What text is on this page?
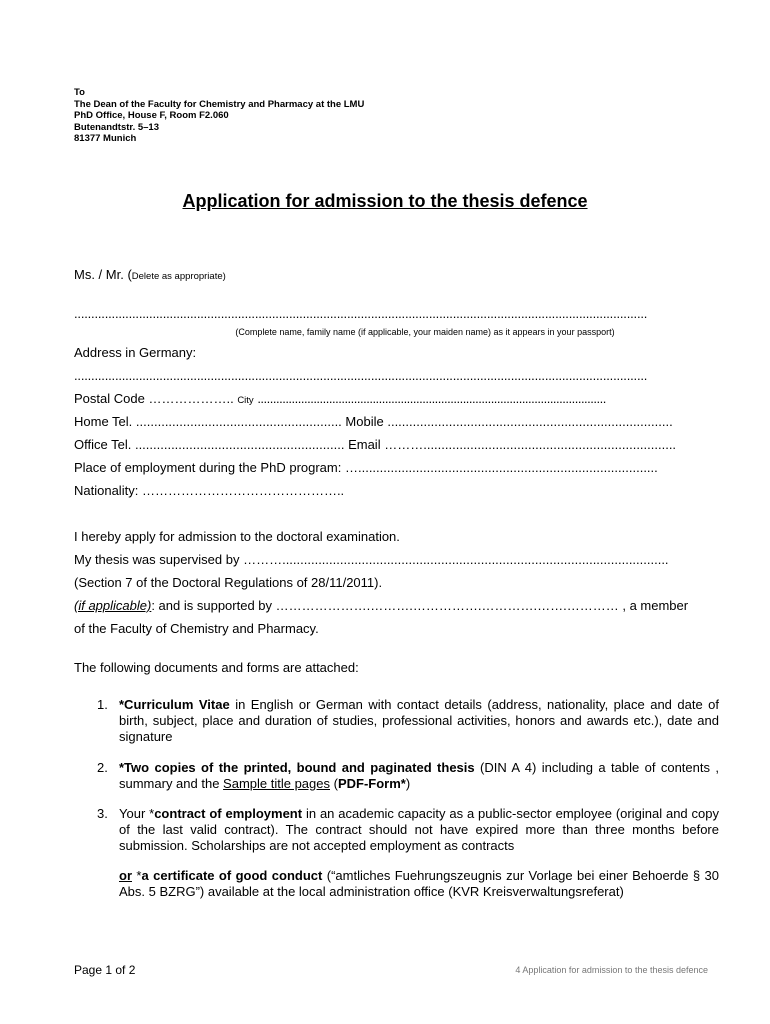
To
The Dean of the Faculty for Chemistry and Pharmacy at the LMU
PhD Office, House F, Room F2.060
Butenandtstr. 5–13
81377 Munich
Application for admission to the thesis defence
Ms. / Mr. (Delete as appropriate)
........................................................................................................................................................................
(Complete name, family name (if applicable, your maiden name) as it appears in your passport)
Address in Germany:
........................................................................................................................................................................
Postal Code ……………….. City ................................................................................................................
Home Tel. ......................................................... Mobile ...............................................................................
Office Tel. .......................................................... Email ………......................................................................
Place of employment during the PhD program: …...................................................................................
Nationality: ………………………………………..
I hereby apply for admission to the doctoral examination.
My thesis was supervised by ………...........................................................................................................
(Section 7 of the Doctoral Regulations of 28/11/2011).
(if applicable): and is supported by ………………….……….…………….………….…….………… , a member
of the Faculty of Chemistry and Pharmacy.
The following documents and forms are attached:
1. *Curriculum Vitae in English or German with contact details (address, nationality, place and date of birth, subject, place and duration of studies, professional activities, honors and awards etc.), date and signature
2. *Two copies of the printed, bound and paginated thesis (DIN A 4) including a table of contents , summary and the Sample title pages (PDF-Form*)
3. Your *contract of employment in an academic capacity as a public-sector employee (original and copy of the last valid contract). The contract should not have expired more than three months before submission. Scholarships are not accepted employment as contracts
or *a certificate of good conduct (“amtliches Fuehrungszeugnis zur Vorlage bei einer Behoerde § 30 Abs. 5 BZRG”) available at the local administration office (KVR Kreisverwaltungsreferat)
Page 1 of 2	4 Application for admission to the thesis defence
